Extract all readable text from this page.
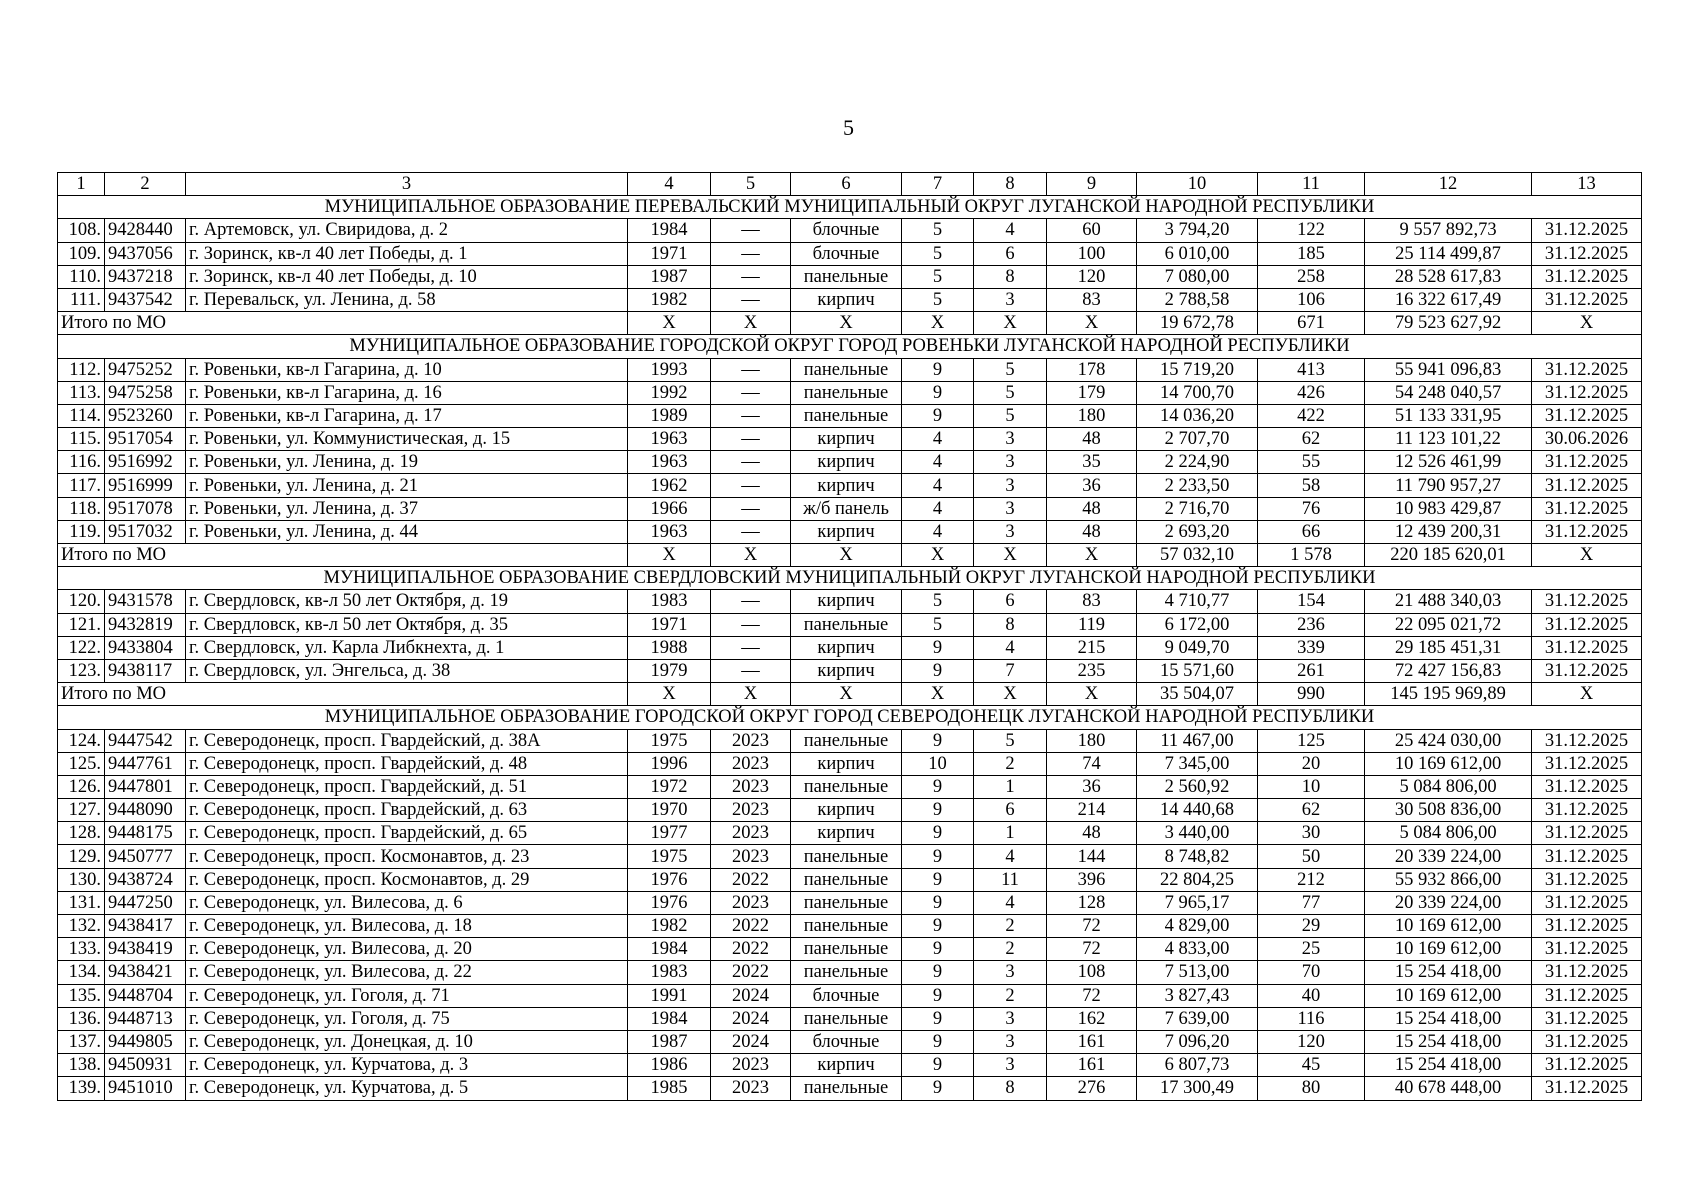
5
1	2	3	4	5	6	7	8	9	10	11	12	13
МУНИЦИПАЛЬНОЕ ОБРАЗОВАНИЕ ПЕРЕВАЛЬСКИЙ МУНИЦИПАЛЬНЫЙ ОКРУГ ЛУГАНСКОЙ НАРОДНОЙ РЕСПУБЛИКИ												
108.	9428440	г. Артемовск, ул. Свиридова, д. 2	1984	—	блочные	5	4	60	3 794,20	122	9 557 892,73	31.12.2025
109.	9437056	г. Зоринск, кв-л 40 лет Победы, д. 1	1971	—	блочные	5	6	100	6 010,00	185	25 114 499,87	31.12.2025
110.	9437218	г. Зоринск, кв-л 40 лет Победы, д. 10	1987	—	панельные	5	8	120	7 080,00	258	28 528 617,83	31.12.2025
111.	9437542	г. Перевальск, ул. Ленина, д. 58	1982	—	кирпич	5	3	83	2 788,58	106	16 322 617,49	31.12.2025
Итого по МО			X	X	X	X	X	X	19 672,78	671	79 523 627,92	X
МУНИЦИПАЛЬНОЕ ОБРАЗОВАНИЕ ГОРОДСКОЙ ОКРУГ ГОРОД РОВЕНЬКИ ЛУГАНСКОЙ НАРОДНОЙ РЕСПУБЛИКИ												
112.	9475252	г. Ровеньки, кв-л Гагарина, д. 10	1993	—	панельные	9	5	178	15 719,20	413	55 941 096,83	31.12.2025
113.	9475258	г. Ровеньки, кв-л Гагарина, д. 16	1992	—	панельные	9	5	179	14 700,70	426	54 248 040,57	31.12.2025
114.	9523260	г. Ровеньки, кв-л Гагарина, д. 17	1989	—	панельные	9	5	180	14 036,20	422	51 133 331,95	31.12.2025
115.	9517054	г. Ровеньки, ул. Коммунистическая, д. 15	1963	—	кирпич	4	3	48	2 707,70	62	11 123 101,22	30.06.2026
116.	9516992	г. Ровеньки, ул. Ленина, д. 19	1963	—	кирпич	4	3	35	2 224,90	55	12 526 461,99	31.12.2025
117.	9516999	г. Ровеньки, ул. Ленина, д. 21	1962	—	кирпич	4	3	36	2 233,50	58	11 790 957,27	31.12.2025
118.	9517078	г. Ровеньки, ул. Ленина, д. 37	1966	—	ж/б панель	4	3	48	2 716,70	76	10 983 429,87	31.12.2025
119.	9517032	г. Ровеньки, ул. Ленина, д. 44	1963	—	кирпич	4	3	48	2 693,20	66	12 439 200,31	31.12.2025
Итого по МО			X	X	X	X	X	X	57 032,10	1 578	220 185 620,01	X
МУНИЦИПАЛЬНОЕ ОБРАЗОВАНИЕ СВЕРДЛОВСКИЙ МУНИЦИПАЛЬНЫЙ ОКРУГ ЛУГАНСКОЙ НАРОДНОЙ РЕСПУБЛИКИ												
120.	9431578	г. Свердловск, кв-л 50 лет Октября, д. 19	1983	—	кирпич	5	6	83	4 710,77	154	21 488 340,03	31.12.2025
121.	9432819	г. Свердловск, кв-л 50 лет Октября, д. 35	1971	—	панельные	5	8	119	6 172,00	236	22 095 021,72	31.12.2025
122.	9433804	г. Свердловск, ул. Карла Либкнехта, д. 1	1988	—	кирпич	9	4	215	9 049,70	339	29 185 451,31	31.12.2025
123.	9438117	г. Свердловск, ул. Энгельса, д. 38	1979	—	кирпич	9	7	235	15 571,60	261	72 427 156,83	31.12.2025
Итого по МО			X	X	X	X	X	X	35 504,07	990	145 195 969,89	X
МУНИЦИПАЛЬНОЕ ОБРАЗОВАНИЕ ГОРОДСКОЙ ОКРУГ ГОРОД СЕВЕРОДОНЕЦК ЛУГАНСКОЙ НАРОДНОЙ РЕСПУБЛИКИ												
124.	9447542	г. Северодонецк, просп. Гвардейский, д. 38А	1975	2023	панельные	9	5	180	11 467,00	125	25 424 030,00	31.12.2025
125.	9447761	г. Северодонецк, просп. Гвардейский, д. 48	1996	2023	кирпич	10	2	74	7 345,00	20	10 169 612,00	31.12.2025
126.	9447801	г. Северодонецк, просп. Гвардейский, д. 51	1972	2023	панельные	9	1	36	2 560,92	10	5 084 806,00	31.12.2025
127.	9448090	г. Северодонецк, просп. Гвардейский, д. 63	1970	2023	кирпич	9	6	214	14 440,68	62	30 508 836,00	31.12.2025
128.	9448175	г. Северодонецк, просп. Гвардейский, д. 65	1977	2023	кирпич	9	1	48	3 440,00	30	5 084 806,00	31.12.2025
129.	9450777	г. Северодонецк, просп. Космонавтов, д. 23	1975	2023	панельные	9	4	144	8 748,82	50	20 339 224,00	31.12.2025
130.	9438724	г. Северодонецк, просп. Космонавтов, д. 29	1976	2022	панельные	9	11	396	22 804,25	212	55 932 866,00	31.12.2025
131.	9447250	г. Северодонецк, ул. Вилесова, д. 6	1976	2023	панельные	9	4	128	7 965,17	77	20 339 224,00	31.12.2025
132.	9438417	г. Северодонецк, ул. Вилесова, д. 18	1982	2022	панельные	9	2	72	4 829,00	29	10 169 612,00	31.12.2025
133.	9438419	г. Северодонецк, ул. Вилесова, д. 20	1984	2022	панельные	9	2	72	4 833,00	25	10 169 612,00	31.12.2025
134.	9438421	г. Северодонецк, ул. Вилесова, д. 22	1983	2022	панельные	9	3	108	7 513,00	70	15 254 418,00	31.12.2025
135.	9448704	г. Северодонецк, ул. Гоголя, д. 71	1991	2024	блочные	9	2	72	3 827,43	40	10 169 612,00	31.12.2025
136.	9448713	г. Северодонецк, ул. Гоголя, д. 75	1984	2024	панельные	9	3	162	7 639,00	116	15 254 418,00	31.12.2025
137.	9449805	г. Северодонецк, ул. Донецкая, д. 10	1987	2024	блочные	9	3	161	7 096,20	120	15 254 418,00	31.12.2025
138.	9450931	г. Северодонецк, ул. Курчатова, д. 3	1986	2023	кирпич	9	3	161	6 807,73	45	15 254 418,00	31.12.2025
139.	9451010	г. Северодонецк, ул. Курчатова, д. 5	1985	2023	панельные	9	8	276	17 300,49	80	40 678 448,00	31.12.2025
